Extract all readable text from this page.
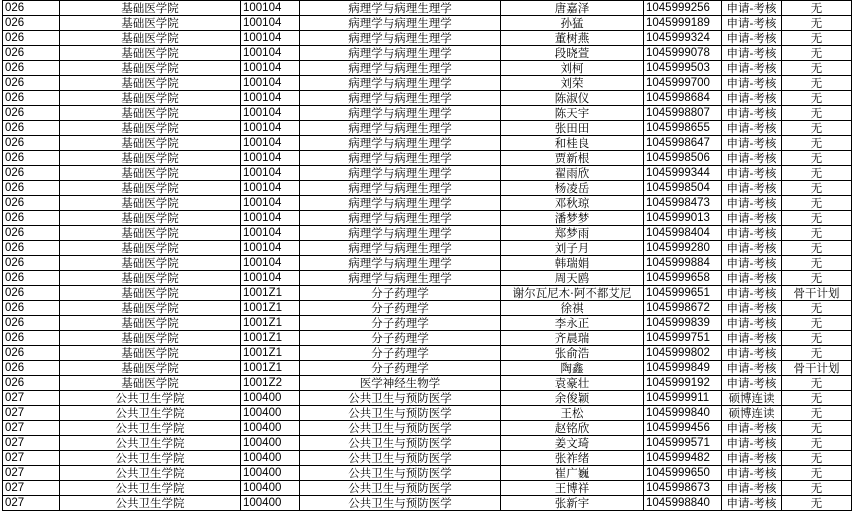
026	基础医学院	100104	病理学与病理生理学	唐嘉泽	1045999256	申请-考核	无
026	基础医学院	100104	病理学与病理生理学	孙猛	1045999189	申请-考核	无
026	基础医学院	100104	病理学与病理生理学	董树燕	1045999324	申请-考核	无
026	基础医学院	100104	病理学与病理生理学	段晓萱	1045999078	申请-考核	无
026	基础医学院	100104	病理学与病理生理学	刘柯	1045999503	申请-考核	无
026	基础医学院	100104	病理学与病理生理学	刘荣	1045999700	申请-考核	无
026	基础医学院	100104	病理学与病理生理学	陈淑仪	1045998684	申请-考核	无
026	基础医学院	100104	病理学与病理生理学	陈天宇	1045998807	申请-考核	无
026	基础医学院	100104	病理学与病理生理学	张田田	1045998655	申请-考核	无
026	基础医学院	100104	病理学与病理生理学	和桂良	1045998647	申请-考核	无
026	基础医学院	100104	病理学与病理生理学	贾新根	1045998506	申请-考核	无
026	基础医学院	100104	病理学与病理生理学	翟雨欣	1045999344	申请-考核	无
026	基础医学院	100104	病理学与病理生理学	杨凌岳	1045998504	申请-考核	无
026	基础医学院	100104	病理学与病理生理学	邓秋琼	1045998473	申请-考核	无
026	基础医学院	100104	病理学与病理生理学	潘梦梦	1045999013	申请-考核	无
026	基础医学院	100104	病理学与病理生理学	郑梦雨	1045998404	申请-考核	无
026	基础医学院	100104	病理学与病理生理学	刘子月	1045999280	申请-考核	无
026	基础医学院	100104	病理学与病理生理学	韩瑞娟	1045999884	申请-考核	无
026	基础医学院	100104	病理学与病理生理学	周天鸥	1045999658	申请-考核	无
026	基础医学院	1001Z1	分子药理学	谢尔瓦尼木·阿不都艾尼	1045999651	申请-考核	骨干计划
026	基础医学院	1001Z1	分子药理学	徐祺	1045998672	申请-考核	无
026	基础医学院	1001Z1	分子药理学	李永正	1045999839	申请-考核	无
026	基础医学院	1001Z1	分子药理学	齐晨瑞	1045999751	申请-考核	无
026	基础医学院	1001Z1	分子药理学	张俞浩	1045999802	申请-考核	无
026	基础医学院	1001Z1	分子药理学	陶鑫	1045999849	申请-考核	骨干计划
026	基础医学院	1001Z2	医学神经生物学	袁豪壮	1045999192	申请-考核	无
027	公共卫生学院	100400	公共卫生与预防医学	余俊颖	1045999911	硕博连读	无
027	公共卫生学院	100400	公共卫生与预防医学	王松	1045999840	硕博连读	无
027	公共卫生学院	100400	公共卫生与预防医学	赵铭欣	1045999456	申请-考核	无
027	公共卫生学院	100400	公共卫生与预防医学	姜文琦	1045999571	申请-考核	无
027	公共卫生学院	100400	公共卫生与预防医学	张祚绪	1045999482	申请-考核	无
027	公共卫生学院	100400	公共卫生与预防医学	崔广巍	1045999650	申请-考核	无
027	公共卫生学院	100400	公共卫生与预防医学	王博祥	1045998673	申请-考核	无
027	公共卫生学院	100400	公共卫生与预防医学	张新宇	1045998840	申请-考核	无
